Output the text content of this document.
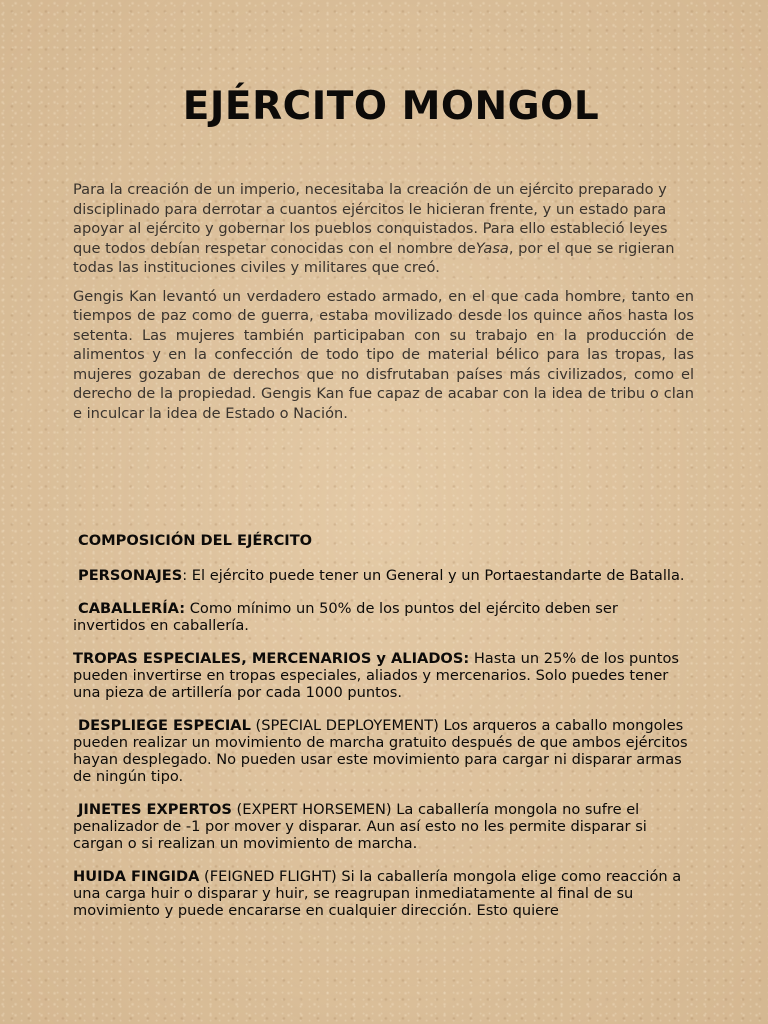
EJÉRCITO MONGOL

Para la creación de un imperio, necesitaba la creación de un ejército preparado y disciplinado para derrotar a cuantos ejércitos le hicieran frente, y un estado para apoyar al ejército y gobernar los pueblos conquistados. Para ello estableció leyes que todos debían respetar conocidas con el nombre deYasa, por el que se rigieran todas las instituciones civiles y militares que creó.

Gengis Kan levantó un verdadero estado armado, en el que cada hombre, tanto en tiempos de paz como de guerra, estaba movilizado desde los quince años hasta los setenta. Las mujeres también participaban con su trabajo en la producción de alimentos y en la confección de todo tipo de material bélico para las tropas, las mujeres gozaban de derechos que no disfrutaban países más civilizados, como el derecho de la propiedad. Gengis Kan fue capaz de acabar con la idea de tribu o clan e inculcar la idea de Estado o Nación.

COMPOSICIÓN DEL EJÉRCITO
PERSONAJES: El ejército puede tener un General y un Portaestandarte de Batalla.
CABALLERÍA: Como mínimo un 50% de los puntos del ejército deben ser invertidos en caballería.
TROPAS ESPECIALES, MERCENARIOS y ALIADOS: Hasta un 25% de los puntos pueden invertirse en tropas especiales, aliados y mercenarios. Solo puedes tener una pieza de artillería por cada 1000 puntos.
DESPLIEGE ESPECIAL (SPECIAL DEPLOYEMENT) Los arqueros a caballo mongoles pueden realizar un movimiento de marcha gratuito después de que ambos ejércitos hayan desplegado. No pueden usar este movimiento para cargar ni disparar armas de ningún tipo.
JINETES EXPERTOS (EXPERT HORSEMEN) La caballería mongola no sufre el penalizador de -1 por mover y disparar. Aun así esto no les permite disparar si cargan o si realizan un movimiento de marcha.
HUIDA FINGIDA (FEIGNED FLIGHT) Si la caballería mongola elige como reacción a una carga huir o disparar y huir, se reagrupan inmediatamente al final de su movimiento y puede encararse en cualquier dirección. Esto quiere
